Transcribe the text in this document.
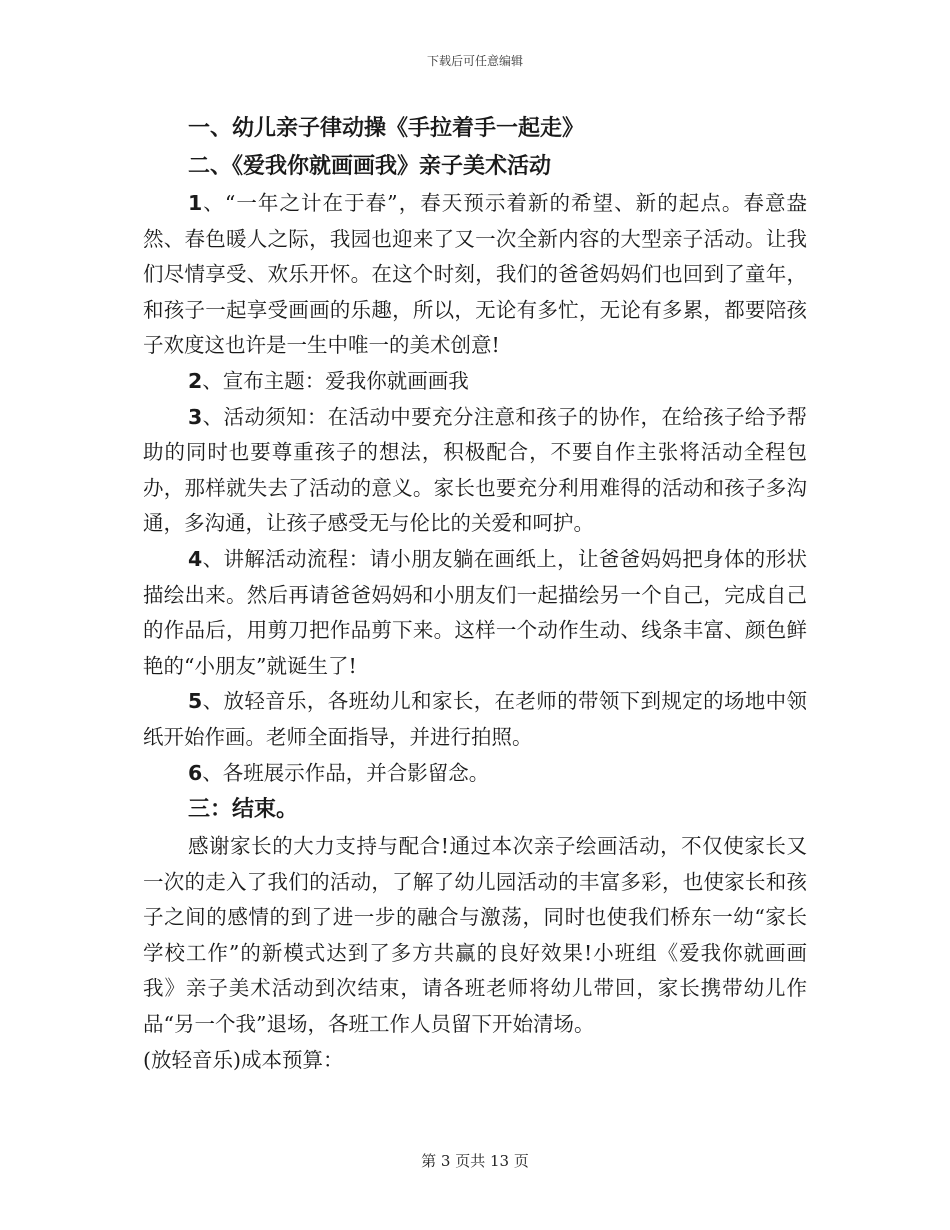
下载后可任意编辑

一、幼儿亲子律动操《手拉着手一起走》

二、《爱我你就画画我》亲子美术活动

1、“一年之计在于春”，春天预示着新的希望、新的起点。春意盎然、春色暖人之际，我园也迎来了又一次全新内容的大型亲子活动。让我们尽情享受、欢乐开怀。在这个时刻，我们的爸爸妈妈们也回到了童年，和孩子一起享受画画的乐趣，所以，无论有多忙，无论有多累，都要陪孩子欢度这也许是一生中唯一的美术创意!

2、宣布主题：爱我你就画画我

3、活动须知：在活动中要充分注意和孩子的协作，在给孩子给予帮助的同时也要尊重孩子的想法，积极配合，不要自作主张将活动全程包办，那样就失去了活动的意义。家长也要充分利用难得的活动和孩子多沟通，多沟通，让孩子感受无与伦比的关爱和呵护。

4、讲解活动流程：请小朋友躺在画纸上，让爸爸妈妈把身体的形状描绘出来。然后再请爸爸妈妈和小朋友们一起描绘另一个自己，完成自己的作品后，用剪刀把作品剪下来。这样一个动作生动、线条丰富、颜色鲜艳的“小朋友”就诞生了!

5、放轻音乐，各班幼儿和家长，在老师的带领下到规定的场地中领纸开始作画。老师全面指导，并进行拍照。

6、各班展示作品，并合影留念。

三：结束。

感谢家长的大力支持与配合!通过本次亲子绘画活动，不仅使家长又一次的走入了我们的活动，了解了幼儿园活动的丰富多彩，也使家长和孩子之间的感情的到了进一步的融合与激荡，同时也使我们桥东一幼“家长学校工作”的新模式达到了多方共赢的良好效果!小班组《爱我你就画画我》亲子美术活动到次结束，请各班老师将幼儿带回，家长携带幼儿作品“另一个我”退场，各班工作人员留下开始清场。

(放轻音乐)成本预算：

第 3 页共 13 页
